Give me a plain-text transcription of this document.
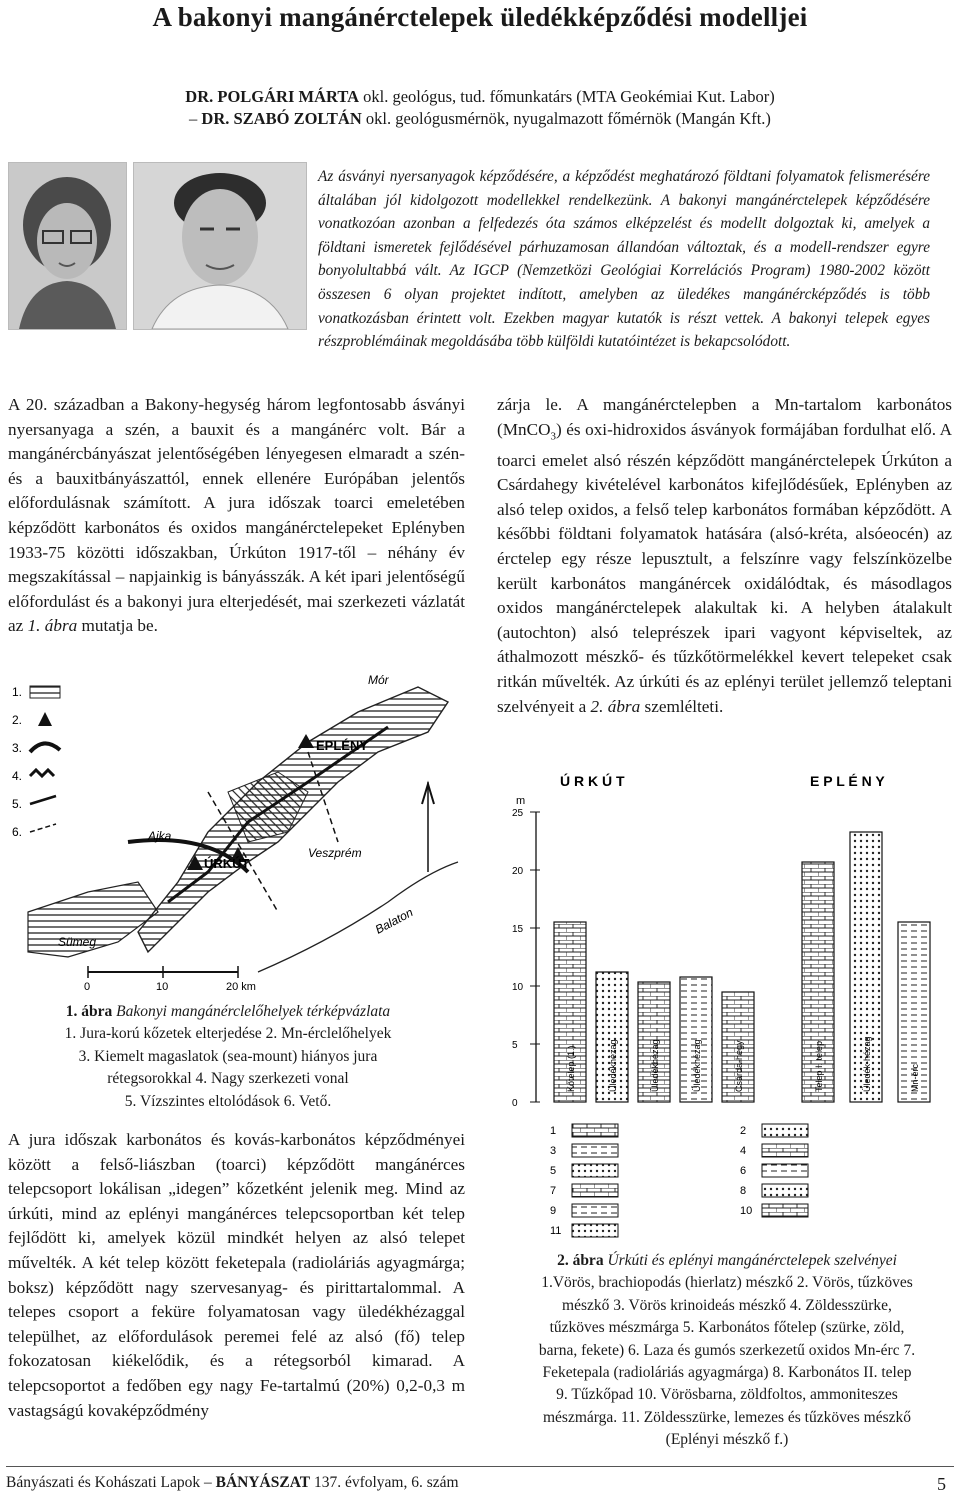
A bakonyi mangánérctelepek üledékképződési modelljei
DR. POLGÁRI MÁRTA okl. geológus, tud. főmunkatárs (MTA Geokémiai Kut. Labor)
– DR. SZABÓ ZOLTÁN okl. geológusmérnök, nyugalmazott főmérnök (Mangán Kft.)
Az ásványi nyersanyagok képződésére, a képződést meghatározó földtani folyamatok felismerésére általában jól kidolgozott modellekkel rendelkezünk. A bakonyi mangánérctelepek képződésére vonatkozóan azonban a felfedezés óta számos elképzelést és modellt dolgoztak ki, amelyek a földtani ismeretek fejlődésével párhuzamosan állandóan változtak, és a modell-rendszer egyre bonyolultabbá vált. Az IGCP (Nemzetközi Geológiai Korrelációs Program) 1980-2002 között összesen 6 olyan projektet indított, amelyben az üledékes mangánércképződés is több vonatkozásban érintett volt. Ezekben magyar kutatók is részt vettek. A bakonyi telepek egyes részproblémáinak megoldásába több külföldi kutatóintézet is bekapcsolódott.

A 20. században a Bakony-hegység három legfontosabb ásványi nyersanyaga a szén, a bauxit és a mangánérc volt. Bár a mangánércbányászat jelentőségében lényegesen elmaradt a szén- és a bauxitbányászattól, ennek ellenére Európában jelentős előfordulásnak számított. A jura időszak toarci emeletében képződött karbonátos és oxidos mangánérctelepeket Eplényben 1933-75 közötti időszakban, Úrkúton 1917-től – néhány év megszakítással – napjainkig is bányásszák. A két ipari jelentőségű előfordulást és a bakonyi jura elterjedését, mai szerkezeti vázlatát az 1. ábra mutatja be.

1.
2.
3.
4.
5.
6.
0	10	20 km
Mór
EPLÉNY
Ajka
ÚRKÚT
Veszprém
Sümeg
Balaton
1. ábra Bakonyi mangánérclelőhelyek térképvázlata
1. Jura-korú kőzetek elterjedése 2. Mn-érclelőhelyek
3. Kiemelt magaslatok (sea-mount) hiányos jura
rétegsorokkal 4. Nagy szerkezeti vonal
5. Vízszintes eltolódások 6. Vető.

A jura időszak karbonátos és kovás-karbonátos képződményei között a felső-liászban (toarci) képződött mangánérces telepcsoport lokálisan „idegen” kőzetként jelenik meg. Mind az úrkúti, mind az eplényi mangánérces telepcsoportban két telep fejlődött ki, amelyek közül mindkét helyen az alsó telepet művelték. A két telep között feketepala (radioláriás agyagmárga; boksz) képződött nagy szervesanyag- és pirittartalommal. A telepes csoport a feküre folyamatosan vagy üledékhézaggal települhet, az előfordulások peremei felé az alsó (fő) telep fokozatosan kiékelődik, és a rétegsorból kimarad. A telepcsoportot a fedőben egy nagy Fe-tartalmú (20%) 0,2-0,3 m vastagságú kovaképződmény

zárja le. A mangánérctelepben a Mn-tartalom karbonátos (MnCO$_3$) és oxi-hidroxidos ásványok formájában fordulhat elő. A toarci emelet alsó részén képződött mangánérctelepek Úrkúton a Csárdahegy kivételével karbonátos kifejlődésűek, Eplényben az alsó telep oxidos, a felső telep karbonátos formában képződött. A későbbi földtani folyamatok hatására (alsó-kréta, alsóeocén) az érctelep egy része lepusztult, a felszínre vagy felszínközelbe került karbonátos mangánércek oxidálódtak, és másodlagos oxidos mangánérctelepek alakultak ki. A helyben átalakult (autochton) alsó teleprészek ipari vagyont képviseltek, az áthalmozott mészkő- és tűzkőtörmelékkel kevert telepeket csak ritkán művelték. Az úrkúti és az eplényi terület jellemző teleptani szelvényeit a 2. ábra szemlélteti.

Ú R K Ú T	E P L É N Y
m
25
20
15
10
5
0
Kőtelep (1.)	Üledékhézag	Üledékhézag	Üledékhézag	Csárda-hegy	Telep I. telep	Üledék-hézag	Mn-érc
1	2
3	4
5	6
7	8
9	10
11
2. ábra Úrkúti és eplényi mangánérctelepek szelvényei
1.Vörös, brachiopodás (hierlatz) mészkő 2. Vörös, tűzköves
mészkő 3. Vörös krinoideás mészkő 4. Zöldesszürke,
tűzköves mészmárga 5. Karbonátos főtelep (szürke, zöld,
barna, fekete) 6. Laza és gumós szerkezetű oxidos Mn-érc 7.
Feketepala (radioláriás agyagmárga) 8. Karbonátos II. telep
9. Tűzkőpad 10. Vörösbarna, zöldfoltos, ammoniteszes
mészmárga. 11. Zöldesszürke, lemezes és tűzköves mészkő
(Eplényi mészkő f.)
Bányászati és Kohászati Lapok – BÁNYÁSZAT 137. évfolyam, 6. szám	5
